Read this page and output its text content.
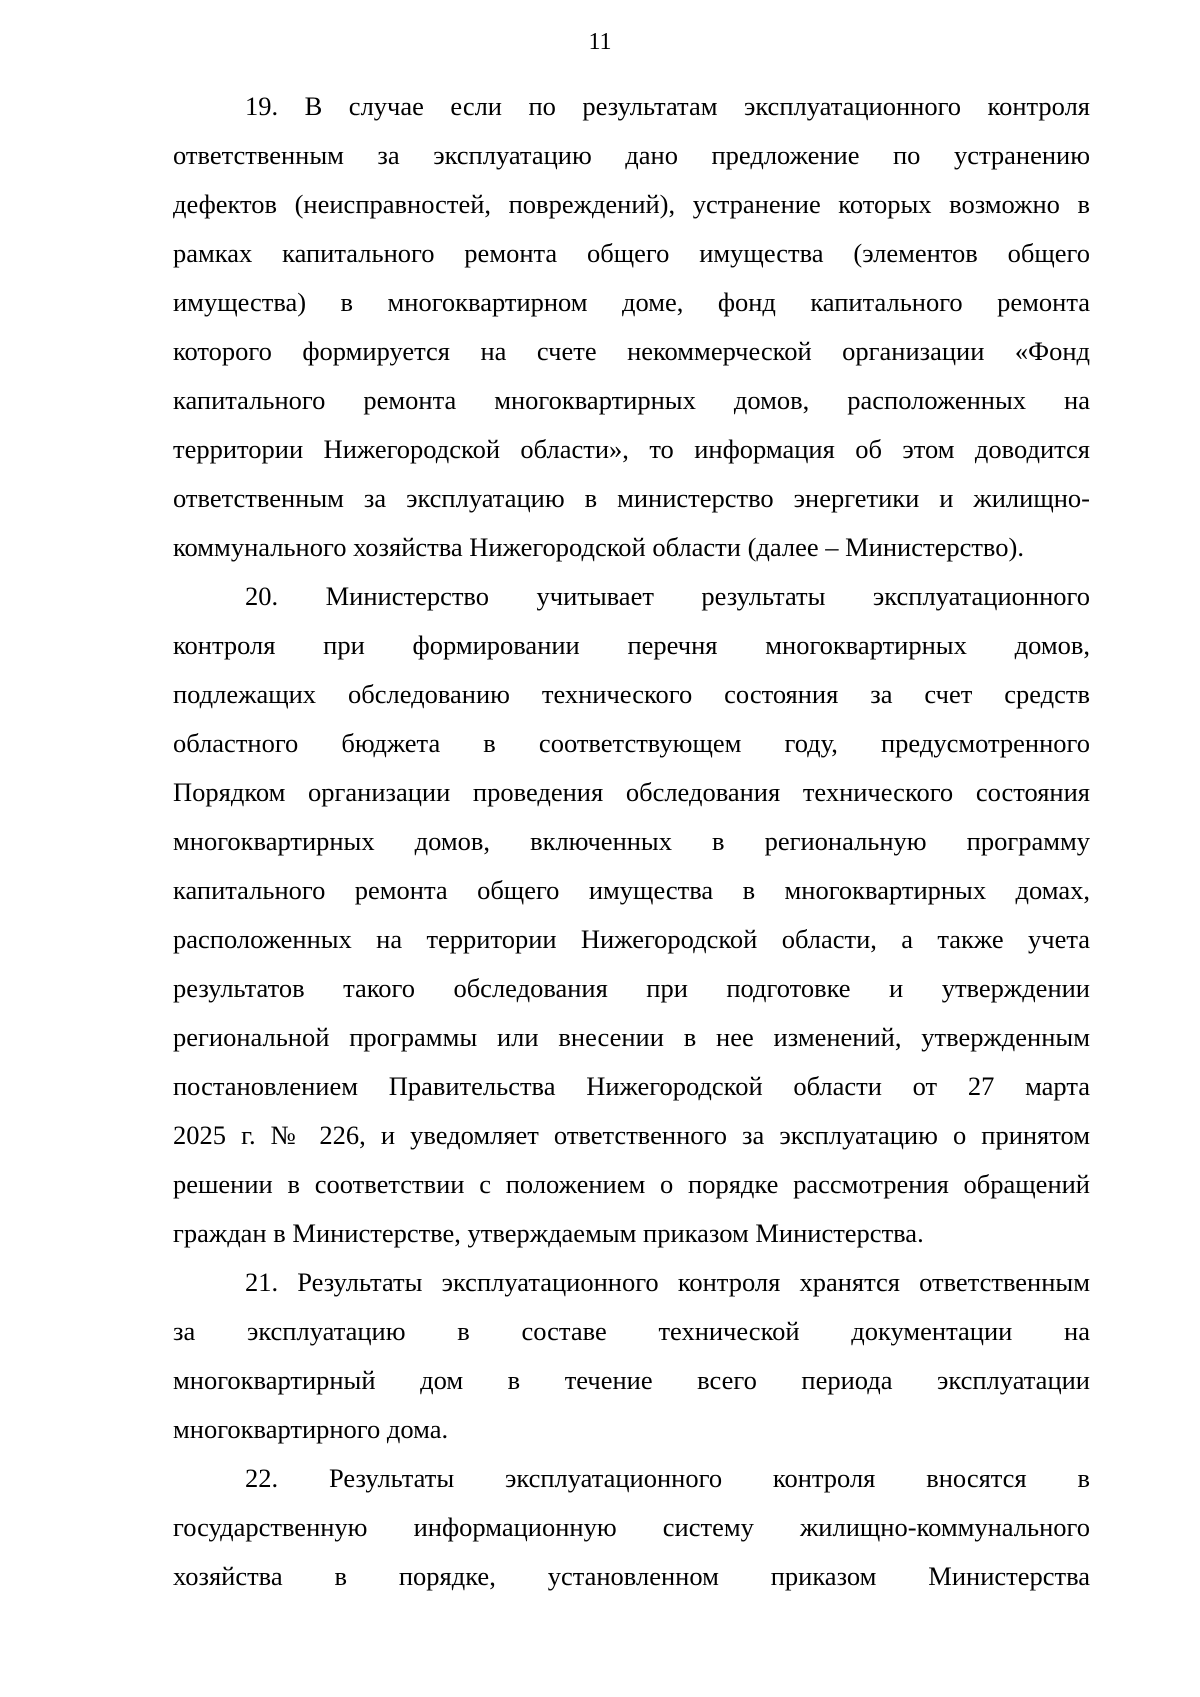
11
19. В случае если по результатам эксплуатационного контроля
ответственным за эксплуатацию дано предложение по устранению
дефектов (неисправностей, повреждений), устранение которых возможно в
рамках капитального ремонта общего имущества (элементов общего
имущества) в многоквартирном доме, фонд капитального ремонта
которого формируется на счете некоммерческой организации «Фонд
капитального ремонта многоквартирных домов, расположенных на
территории Нижегородской области», то информация об этом доводится
ответственным за эксплуатацию в министерство энергетики и жилищно-
коммунального хозяйства Нижегородской области (далее – Министерство).
20. Министерство учитывает результаты эксплуатационного
контроля при формировании перечня многоквартирных домов,
подлежащих обследованию технического состояния за счет средств
областного бюджета в соответствующем году, предусмотренного
Порядком организации проведения обследования технического состояния
многоквартирных домов, включенных в региональную программу
капитального ремонта общего имущества в многоквартирных домах,
расположенных на территории Нижегородской области, а также учета
результатов такого обследования при подготовке и утверждении
региональной программы или внесении в нее изменений, утвержденным
постановлением Правительства Нижегородской области от 27 марта
2025 г. № 226, и уведомляет ответственного за эксплуатацию о принятом
решении в соответствии с положением о порядке рассмотрения обращений
граждан в Министерстве, утверждаемым приказом Министерства.
21. Результаты эксплуатационного контроля хранятся ответственным
за эксплуатацию в составе технической документации на
многоквартирный дом в течение всего периода эксплуатации
многоквартирного дома.
22. Результаты эксплуатационного контроля вносятся в
государственную информационную систему жилищно-коммунального
хозяйства в порядке, установленном приказом Министерства
